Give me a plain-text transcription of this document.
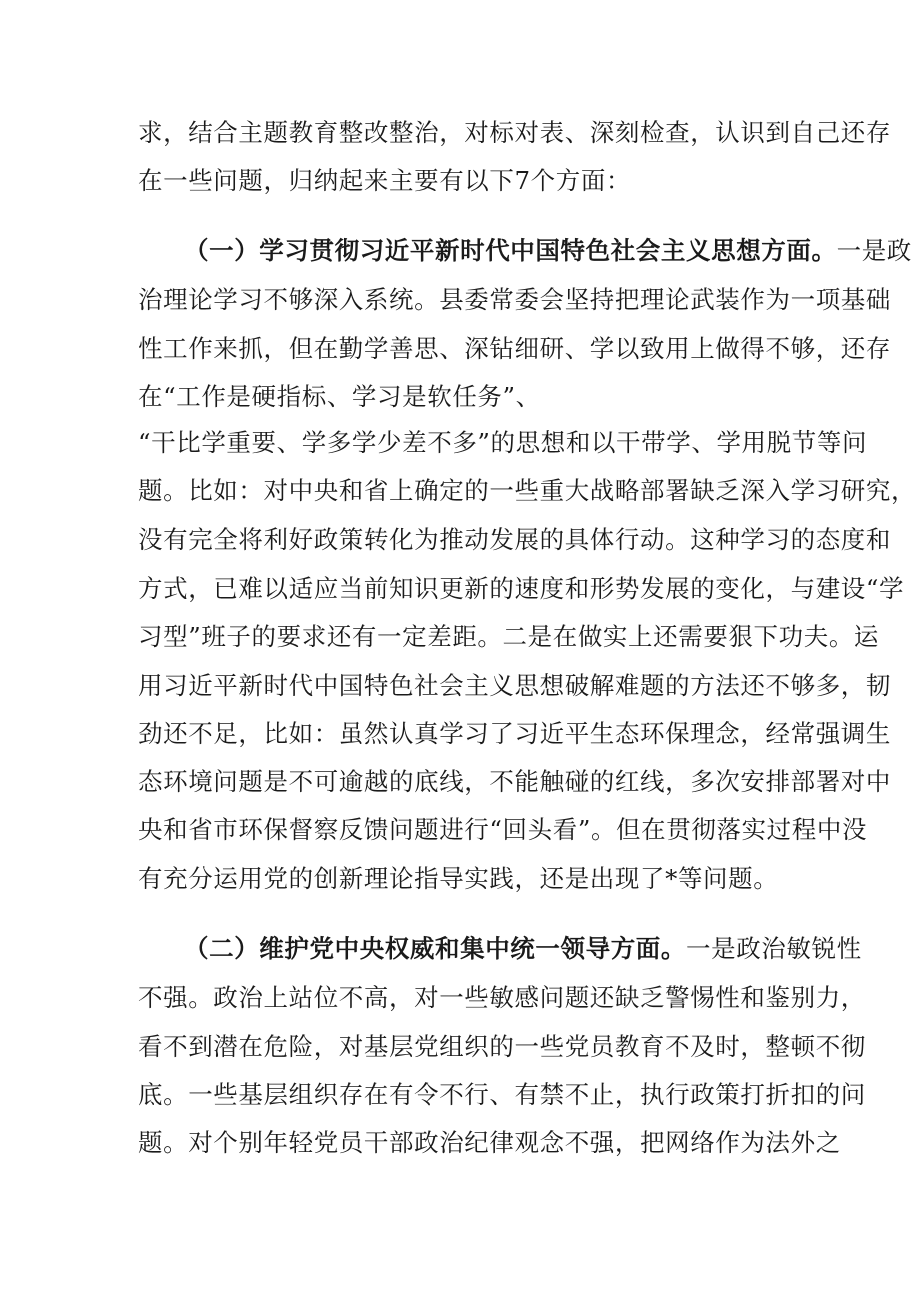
求，结合主题教育整改整治，对标对表、深刻检查，认识到自己还存
在一些问题，归纳起来主要有以下7个方面：
（一）学习贯彻习近平新时代中国特色社会主义思想方面。一是政
治理论学习不够深入系统。县委常委会坚持把理论武装作为一项基础
性工作来抓，但在勤学善思、深钻细研、学以致用上做得不够，还存
在“工作是硬指标、学习是软任务”、
“干比学重要、学多学少差不多”的思想和以干带学、学用脱节等问
题。比如：对中央和省上确定的一些重大战略部署缺乏深入学习研究，
没有完全将利好政策转化为推动发展的具体行动。这种学习的态度和
方式，已难以适应当前知识更新的速度和形势发展的变化，与建设“学
习型”班子的要求还有一定差距。二是在做实上还需要狠下功夫。运
用习近平新时代中国特色社会主义思想破解难题的方法还不够多，韧
劲还不足，比如：虽然认真学习了习近平生态环保理念，经常强调生
态环境问题是不可逾越的底线，不能触碰的红线，多次安排部署对中
央和省市环保督察反馈问题进行“回头看”。但在贯彻落实过程中没
有充分运用党的创新理论指导实践，还是出现了*等问题。
（二）维护党中央权威和集中统一领导方面。一是政治敏锐性
不强。政治上站位不高，对一些敏感问题还缺乏警惕性和鉴别力，
看不到潜在危险，对基层党组织的一些党员教育不及时，整顿不彻
底。一些基层组织存在有令不行、有禁不止，执行政策打折扣的问
题。对个别年轻党员干部政治纪律观念不强，把网络作为法外之
